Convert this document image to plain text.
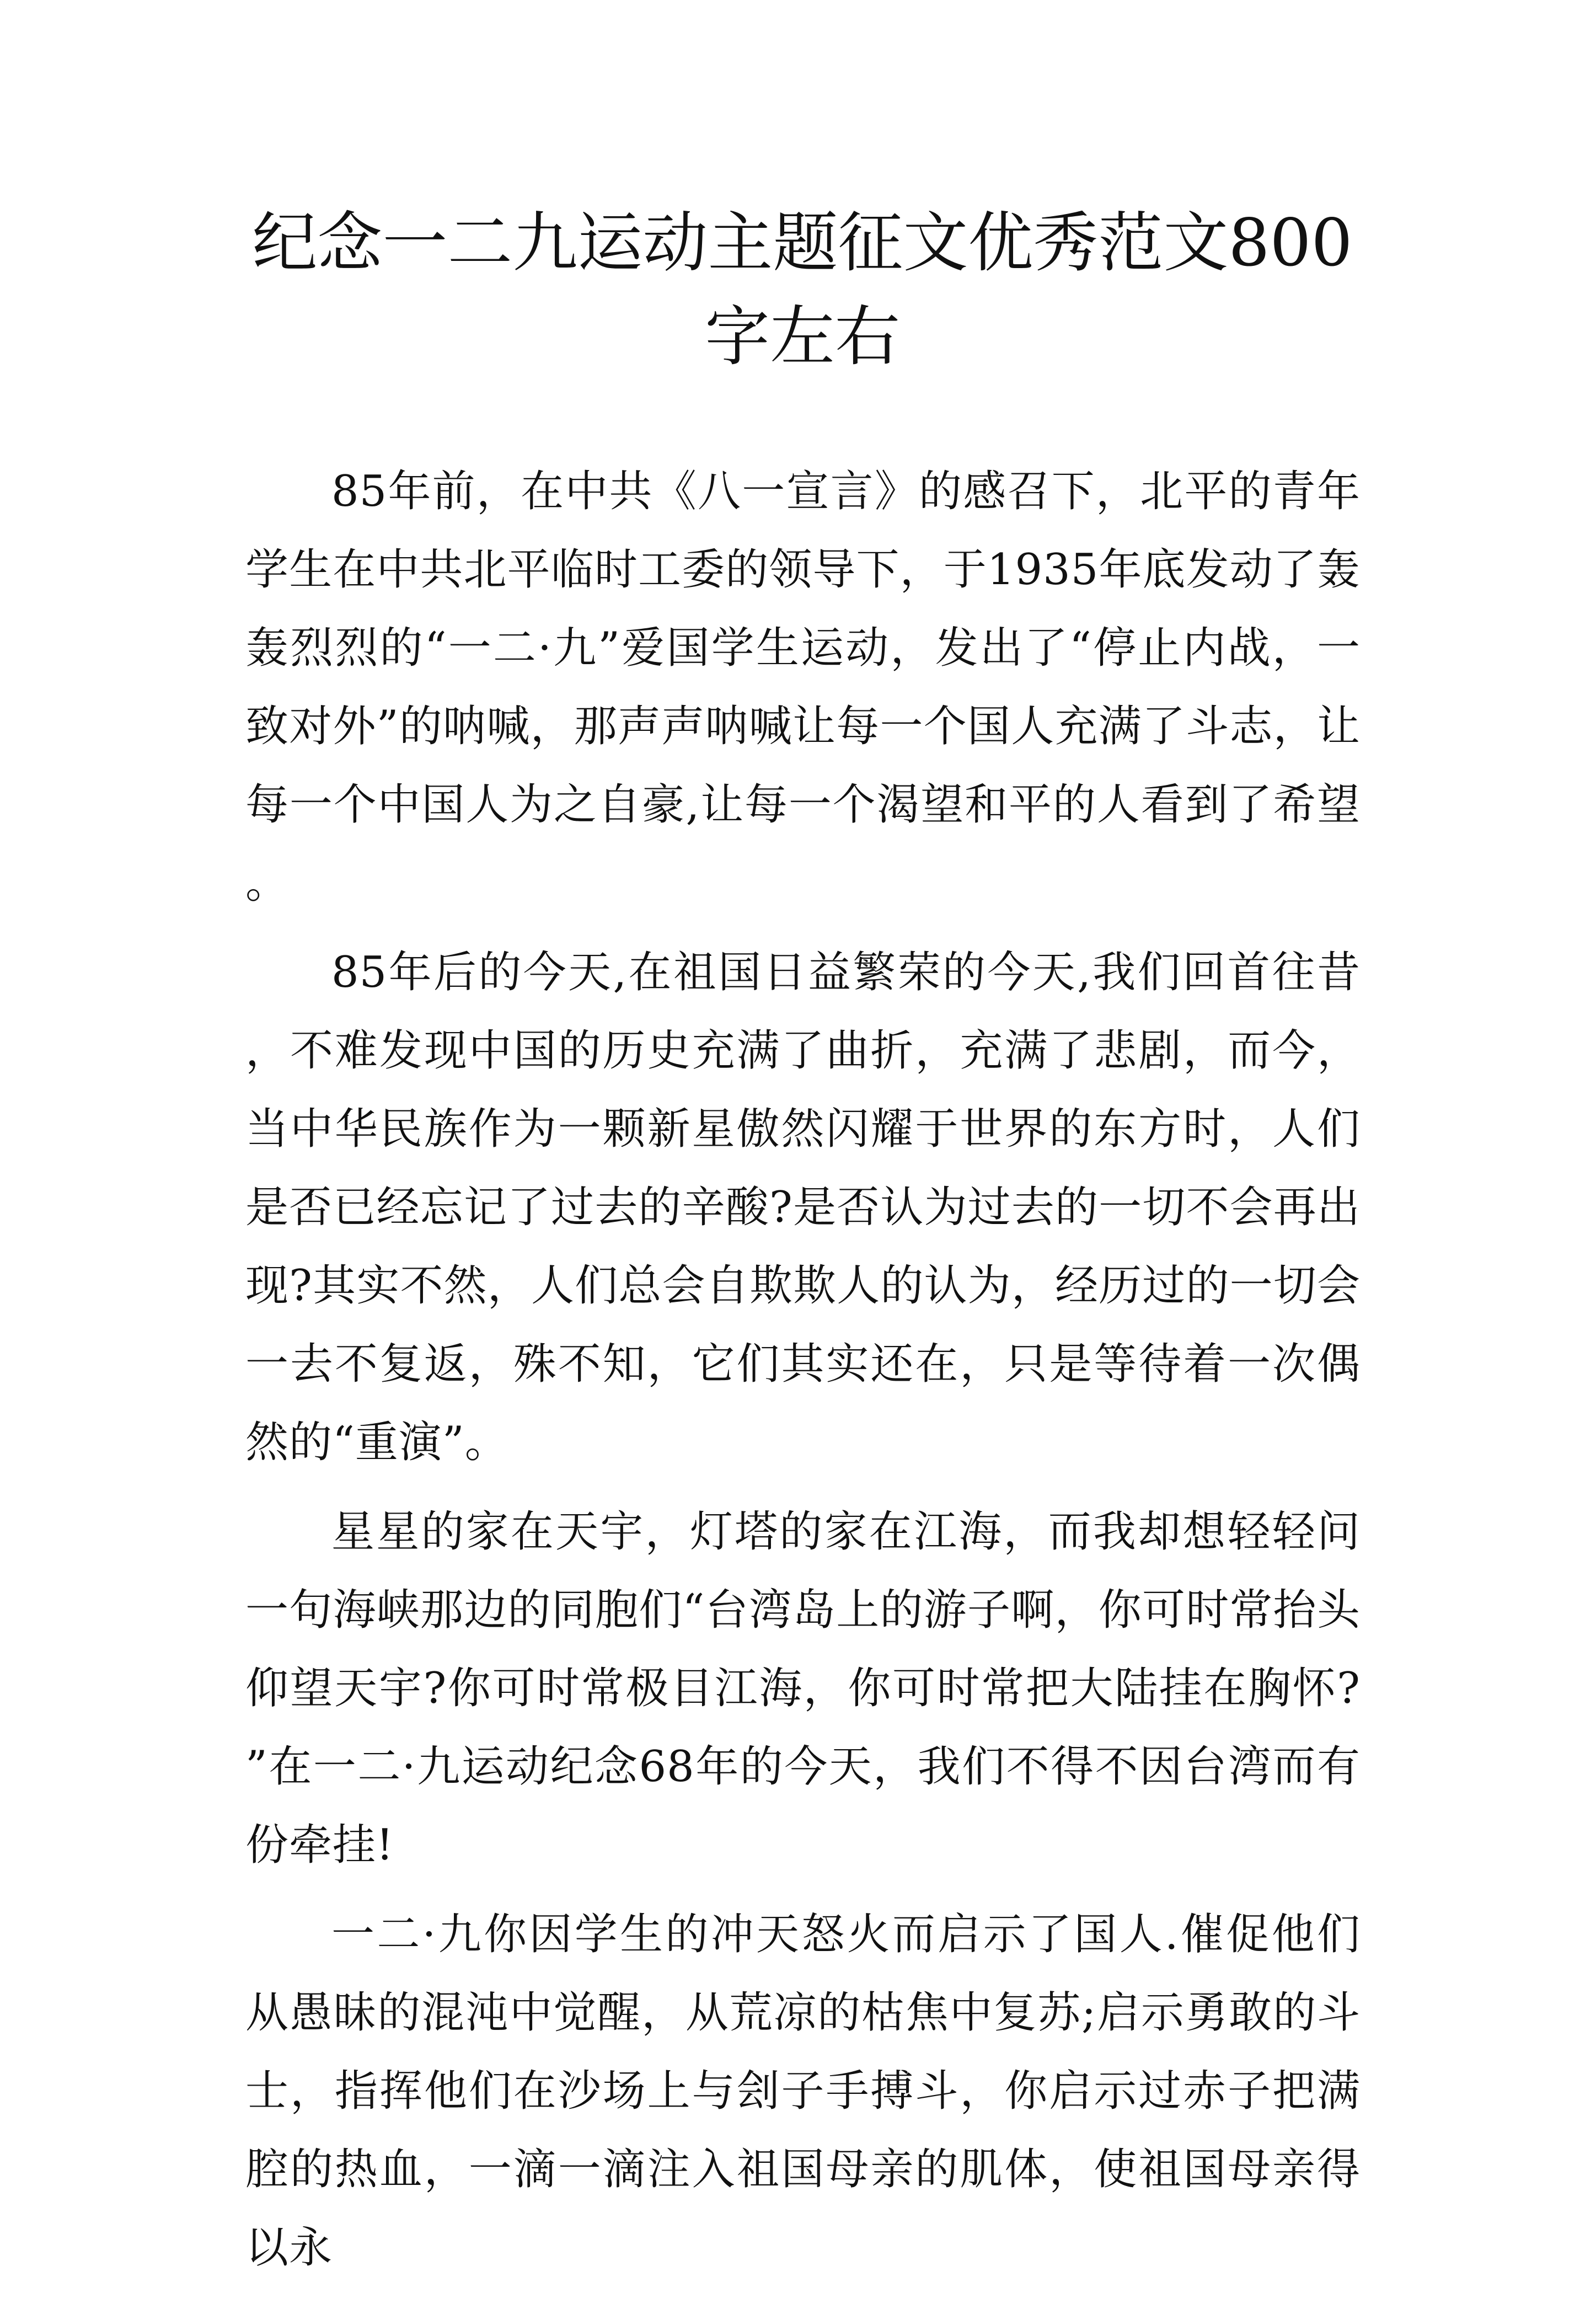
纪念一二九运动主题征文优秀范文800字左右

85年前，在中共《八一宣言》的感召下，北平的青年学生在中共北平临时工委的领导下，于1935年底发动了轰轰烈烈的“一二·九”爱国学生运动，发出了“停止内战，一致对外”的呐喊，那声声呐喊让每一个国人充满了斗志，让每一个中国人为之自豪,让每一个渴望和平的人看到了希望。

85年后的今天,在祖国日益繁荣的今天,我们回首往昔，不难发现中国的历史充满了曲折，充满了悲剧，而今，当中华民族作为一颗新星傲然闪耀于世界的东方时，人们是否已经忘记了过去的辛酸?是否认为过去的一切不会再出现?其实不然，人们总会自欺欺人的认为，经历过的一切会一去不复返，殊不知，它们其实还在，只是等待着一次偶然的“重演”。

星星的家在天宇，灯塔的家在江海，而我却想轻轻问一句海峡那边的同胞们“台湾岛上的游子啊，你可时常抬头仰望天宇?你可时常极目江海，你可时常把大陆挂在胸怀?”在一二·九运动纪念68年的今天，我们不得不因台湾而有份牵挂!

一二·九你因学生的冲天怒火而启示了国人.催促他们从愚昧的混沌中觉醒，从荒凉的枯焦中复苏;启示勇敢的斗士，指挥他们在沙场上与刽子手搏斗，你启示过赤子把满腔的热血，一滴一滴注入祖国母亲的肌体，使祖国母亲得以永
